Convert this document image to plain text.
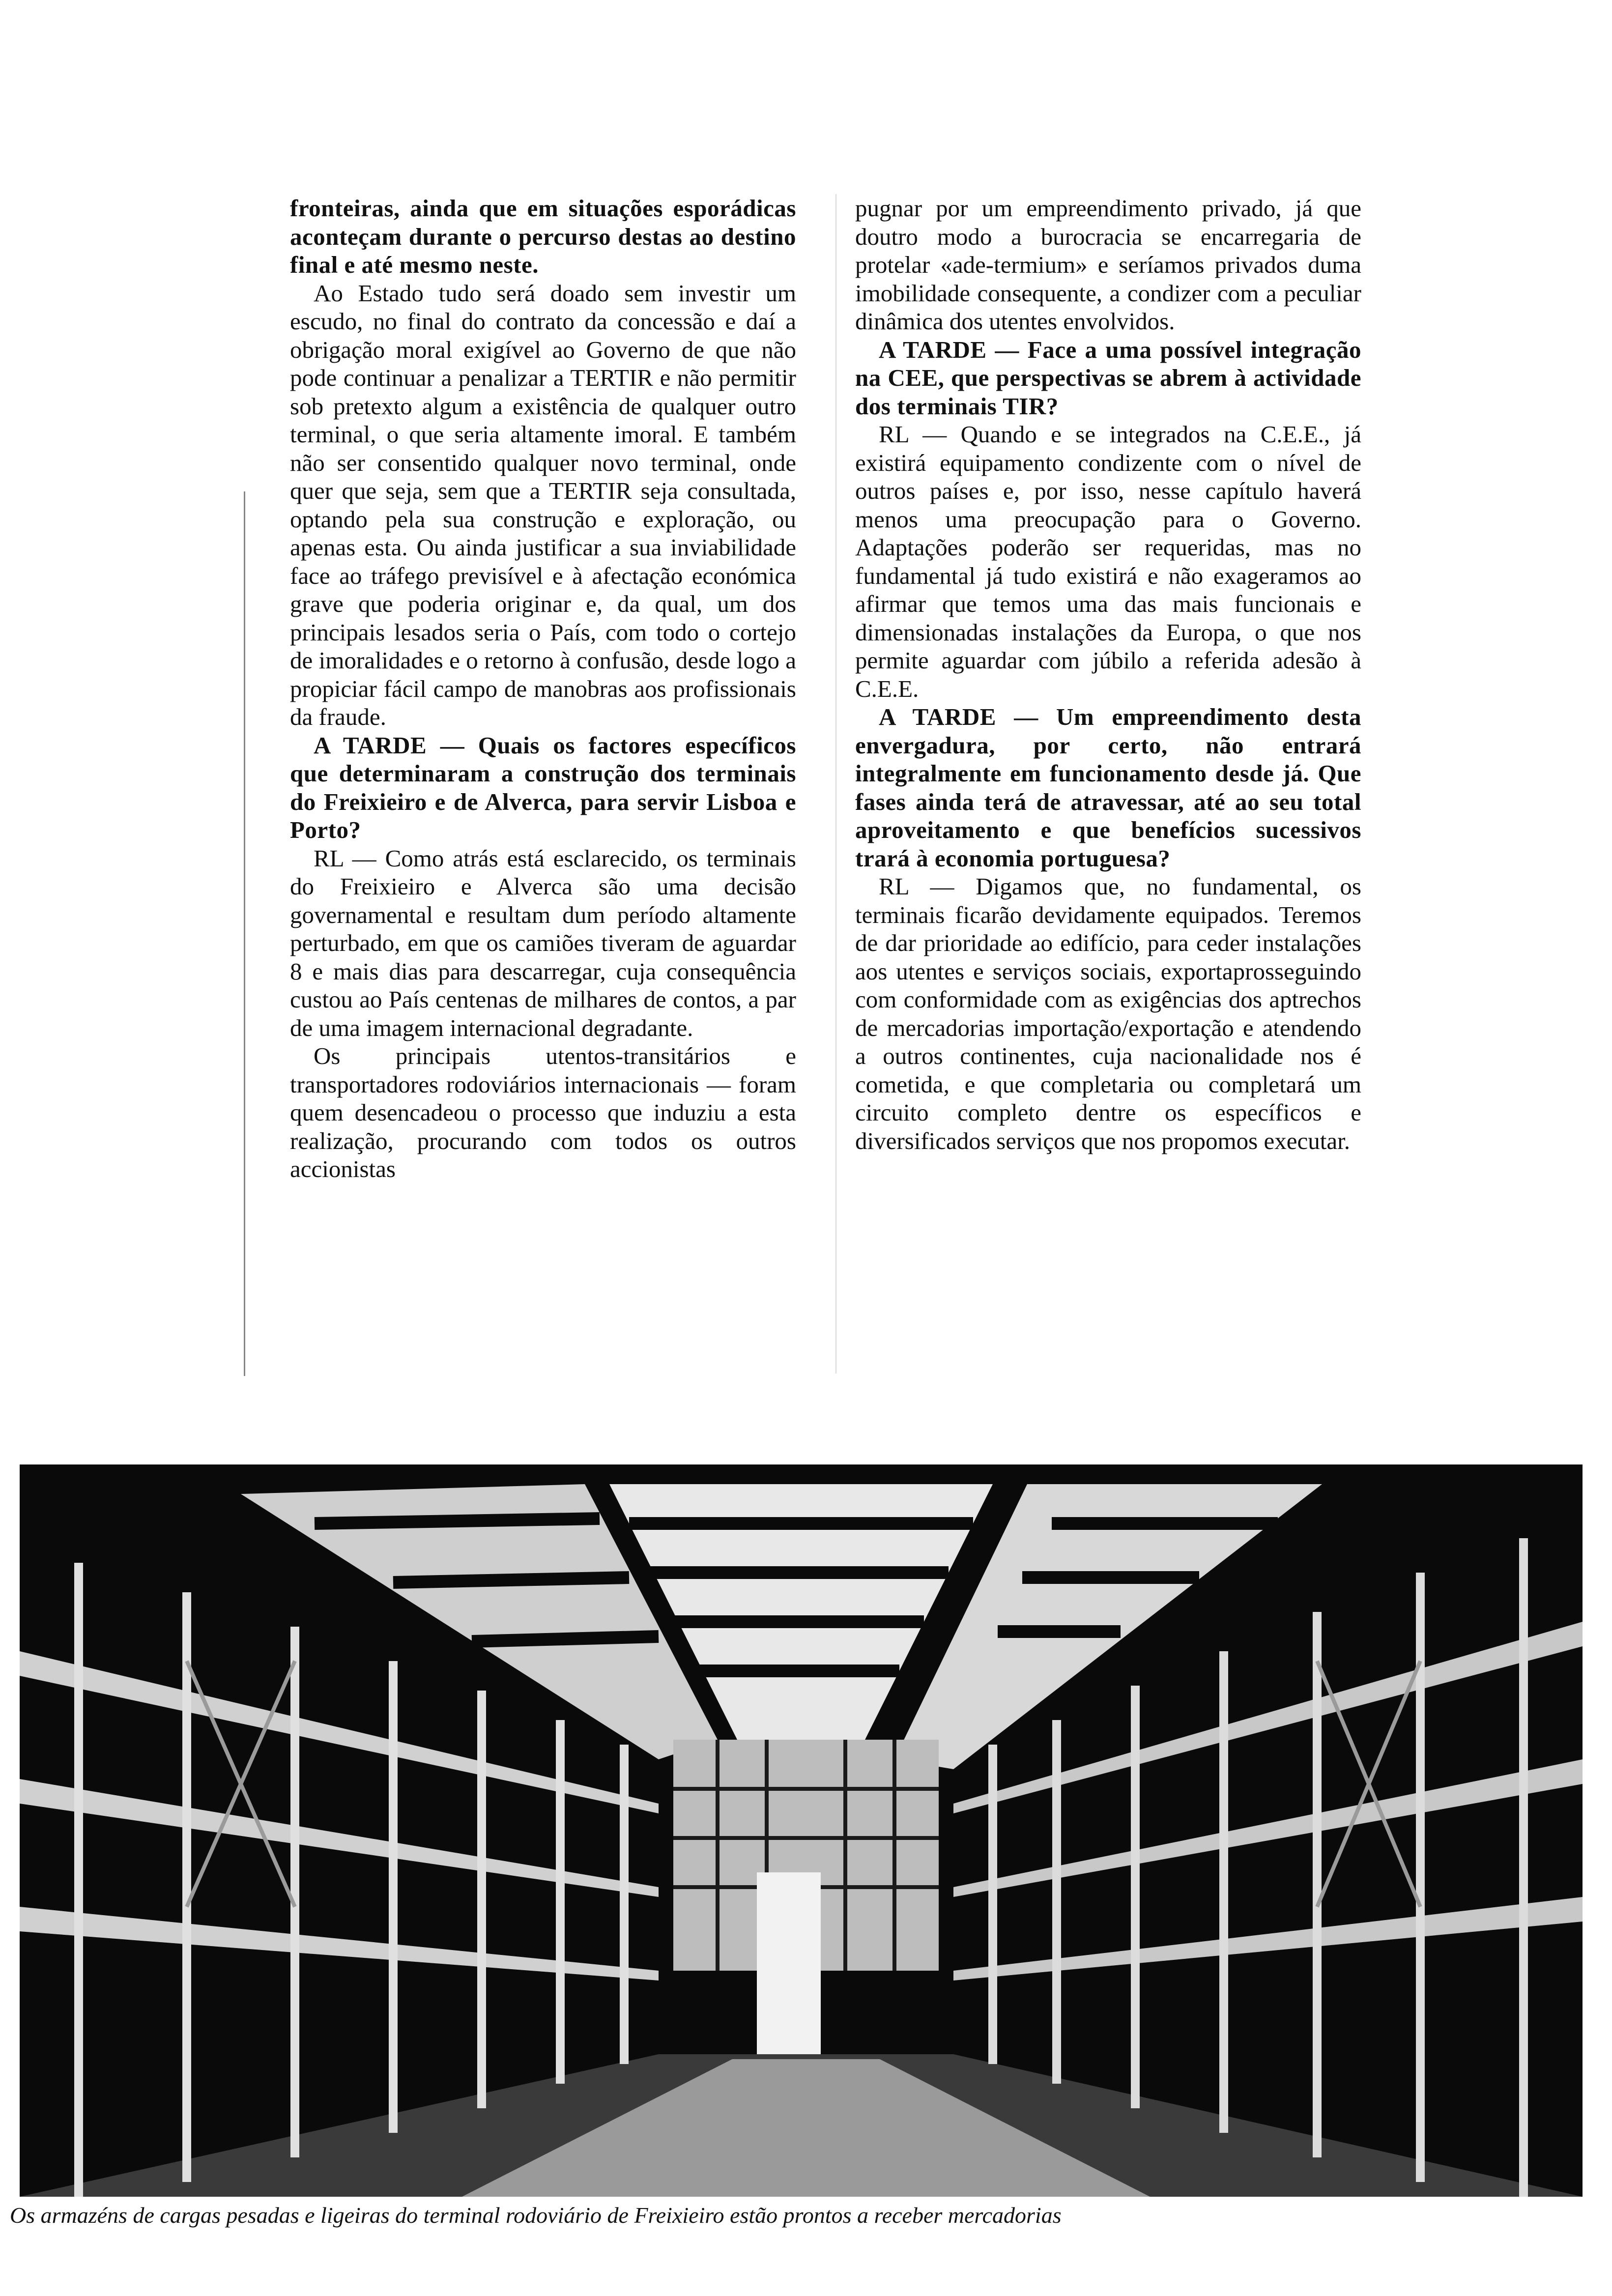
fronteiras, ainda que em situações esporádicas aconteçam durante o percurso destas ao destino final e até mesmo neste.

Ao Estado tudo será doado sem investir um escudo, no final do contrato da concessão e daí a obrigação moral exigível ao Governo de que não pode continuar a penalizar a TERTIR e não permitir sob pretexto algum a existência de qualquer outro terminal, o que seria altamente imoral. E também não ser consentido qualquer novo terminal, onde quer que seja, sem que a TERTIR seja consultada, optando pela sua construção e exploração, ou apenas esta. Ou ainda justificar a sua inviabilidade face ao tráfego previsível e à afectação económica grave que poderia originar e, da qual, um dos principais lesados seria o País, com todo o cortejo de imoralidades e o retorno à confusão, desde logo a propiciar fácil campo de manobras aos profissionais da fraude.

A TARDE — Quais os factores específicos que determinaram a construção dos terminais do Freixieiro e de Alverca, para servir Lisboa e Porto?

RL — Como atrás está esclarecido, os terminais do Freixieiro e Alverca são uma decisão governamental e resultam dum período altamente perturbado, em que os camiões tiveram de aguardar 8 e mais dias para descarregar, cuja consequência custou ao País centenas de milhares de contos, a par de uma imagem internacional degradante.

Os principais utentos-transitários e transportadores rodoviários internacionais — foram quem desencadeou o processo que induziu a esta realização, procurando com todos os outros accionistas

pugnar por um empreendimento privado, já que doutro modo a burocracia se encarregaria de protelar «ade-termium» e seríamos privados duma imobilidade consequente, a condizer com a peculiar dinâmica dos utentes envolvidos.

A TARDE — Face a uma possível integração na CEE, que perspectivas se abrem à actividade dos terminais TIR?

RL — Quando e se integrados na C.E.E., já existirá equipamento condizente com o nível de outros países e, por isso, nesse capítulo haverá menos uma preocupação para o Governo. Adaptações poderão ser requeridas, mas no fundamental já tudo existirá e não exageramos ao afirmar que temos uma das mais funcionais e dimensionadas instalações da Europa, o que nos permite aguardar com júbilo a referida adesão à C.E.E.

A TARDE — Um empreendimento desta envergadura, por certo, não entrará integralmente em funcionamento desde já. Que fases ainda terá de atravessar, até ao seu total aproveitamento e que benefícios sucessivos trará à economia portuguesa?

RL — Digamos que, no fundamental, os terminais ficarão devidamente equipados. Teremos de dar prioridade ao edifício, para ceder instalações aos utentes e serviços sociais, exportaprosseguindo com conformidade com as exigências dos aptrechos de mercadorias importação/exportação e atendendo a outros continentes, cuja nacionalidade nos é cometida, e que completaria ou completará um circuito completo dentre os específicos e diversificados serviços que nos propomos executar.

Os armazéns de cargas pesadas e ligeiras do terminal rodoviário de Freixieiro estão prontos a receber mercadorias
